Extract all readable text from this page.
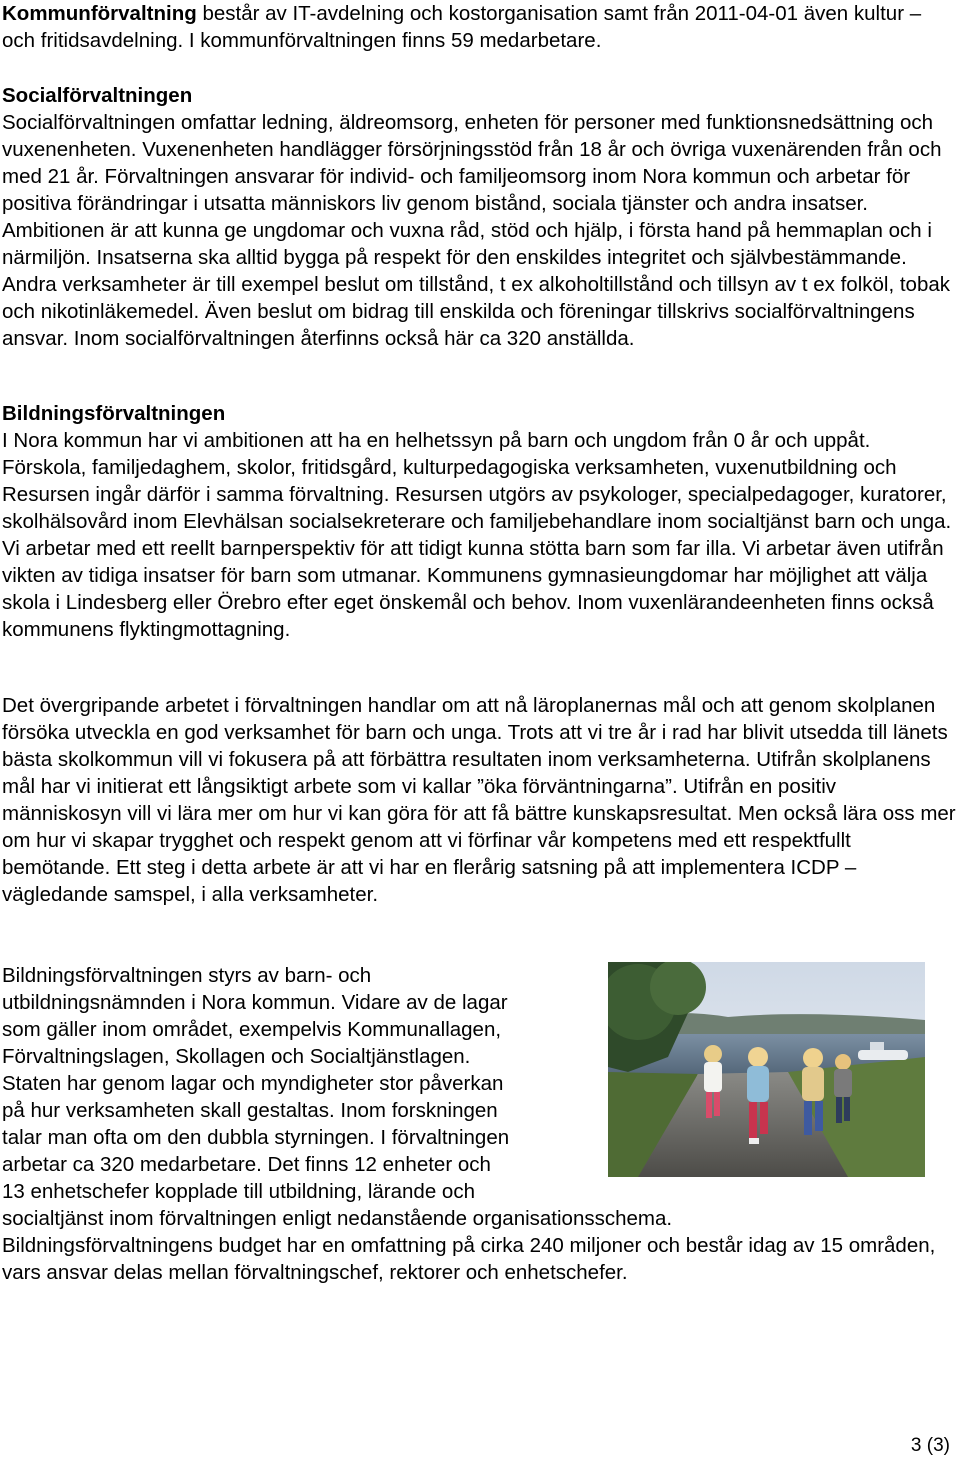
Kommunförvaltning består av IT-avdelning och kostorganisation samt från 2011-04-01 även kultur – och fritidsavdelning. I kommunförvaltningen finns 59 medarbetare.

Socialförvaltningen

Socialförvaltningen omfattar ledning, äldreomsorg, enheten för personer med funktionsnedsättning och vuxenenheten. Vuxenenheten handlägger försörjningsstöd från 18 år och övriga vuxenärenden från och med 21 år. Förvaltningen ansvarar för individ- och familjeomsorg inom Nora kommun och arbetar för positiva förändringar i utsatta människors liv genom bistånd, sociala tjänster och andra insatser. Ambitionen är att kunna ge ungdomar och vuxna råd, stöd och hjälp, i första hand på hemmaplan och i närmiljön. Insatserna ska alltid bygga på respekt för den enskildes integritet och självbestämmande. Andra verksamheter är till exempel beslut om tillstånd, t ex alkoholtillstånd och tillsyn av t ex folköl, tobak och nikotinläkemedel. Även beslut om bidrag till enskilda och föreningar tillskrivs socialförvaltningens ansvar. Inom socialförvaltningen återfinns också här ca 320 anställda.

Bildningsförvaltningen

I Nora kommun har vi ambitionen att ha en helhetssyn på barn och ungdom från 0 år och uppåt. Förskola, familjedaghem, skolor, fritidsgård, kulturpedagogiska verksamheten, vuxenutbildning och Resursen ingår därför i samma förvaltning. Resursen utgörs av psykologer, specialpedagoger, kuratorer, skolhälsovård inom Elevhälsan socialsekreterare och familjebehandlare inom socialtjänst barn och unga. Vi arbetar med ett reellt barnperspektiv för att tidigt kunna stötta barn som far illa. Vi arbetar även utifrån vikten av tidiga insatser för barn som utmanar. Kommunens gymnasieungdomar har möjlighet att välja skola i Lindesberg eller Örebro efter eget önskemål och behov. Inom vuxenlärandeenheten finns också kommunens flyktingmottagning.

Det övergripande arbetet i förvaltningen handlar om att nå läroplanernas mål och att genom skolplanen försöka utveckla en god verksamhet för barn och unga. Trots att vi tre år i rad har blivit utsedda till länets bästa skolkommun vill vi fokusera på att förbättra resultaten inom verksamheterna. Utifrån skolplanens mål har vi initierat ett långsiktigt arbete som vi kallar ”öka förväntningarna”. Utifrån en positiv människosyn vill vi lära mer om hur vi kan göra för att få bättre kunskapsresultat. Men också lära oss mer om hur vi skapar trygghet och respekt genom att vi förfinar vår kompetens med ett respektfullt bemötande. Ett steg i detta arbete är att vi har en flerårig satsning på att implementera ICDP – vägledande samspel, i alla verksamheter.

Bildningsförvaltningen styrs av barn- och

utbildningsnämnden i Nora kommun. Vidare av de lagar

som gäller inom området, exempelvis Kommunallagen,

Förvaltningslagen, Skollagen och Socialtjänstlagen.

Staten har genom lagar och myndigheter stor påverkan

på hur verksamheten skall gestaltas. Inom forskningen

talar man ofta om den dubbla styrningen. I förvaltningen

arbetar ca 320 medarbetare. Det finns 12 enheter och

13 enhetschefer kopplade till utbildning, lärande och

socialtjänst inom förvaltningen enligt nedanstående organisationsschema.

Bildningsförvaltningens budget har en omfattning på cirka 240 miljoner och består idag av 15 områden, vars ansvar delas mellan förvaltningschef, rektorer och enhetschefer.

3 (3)
